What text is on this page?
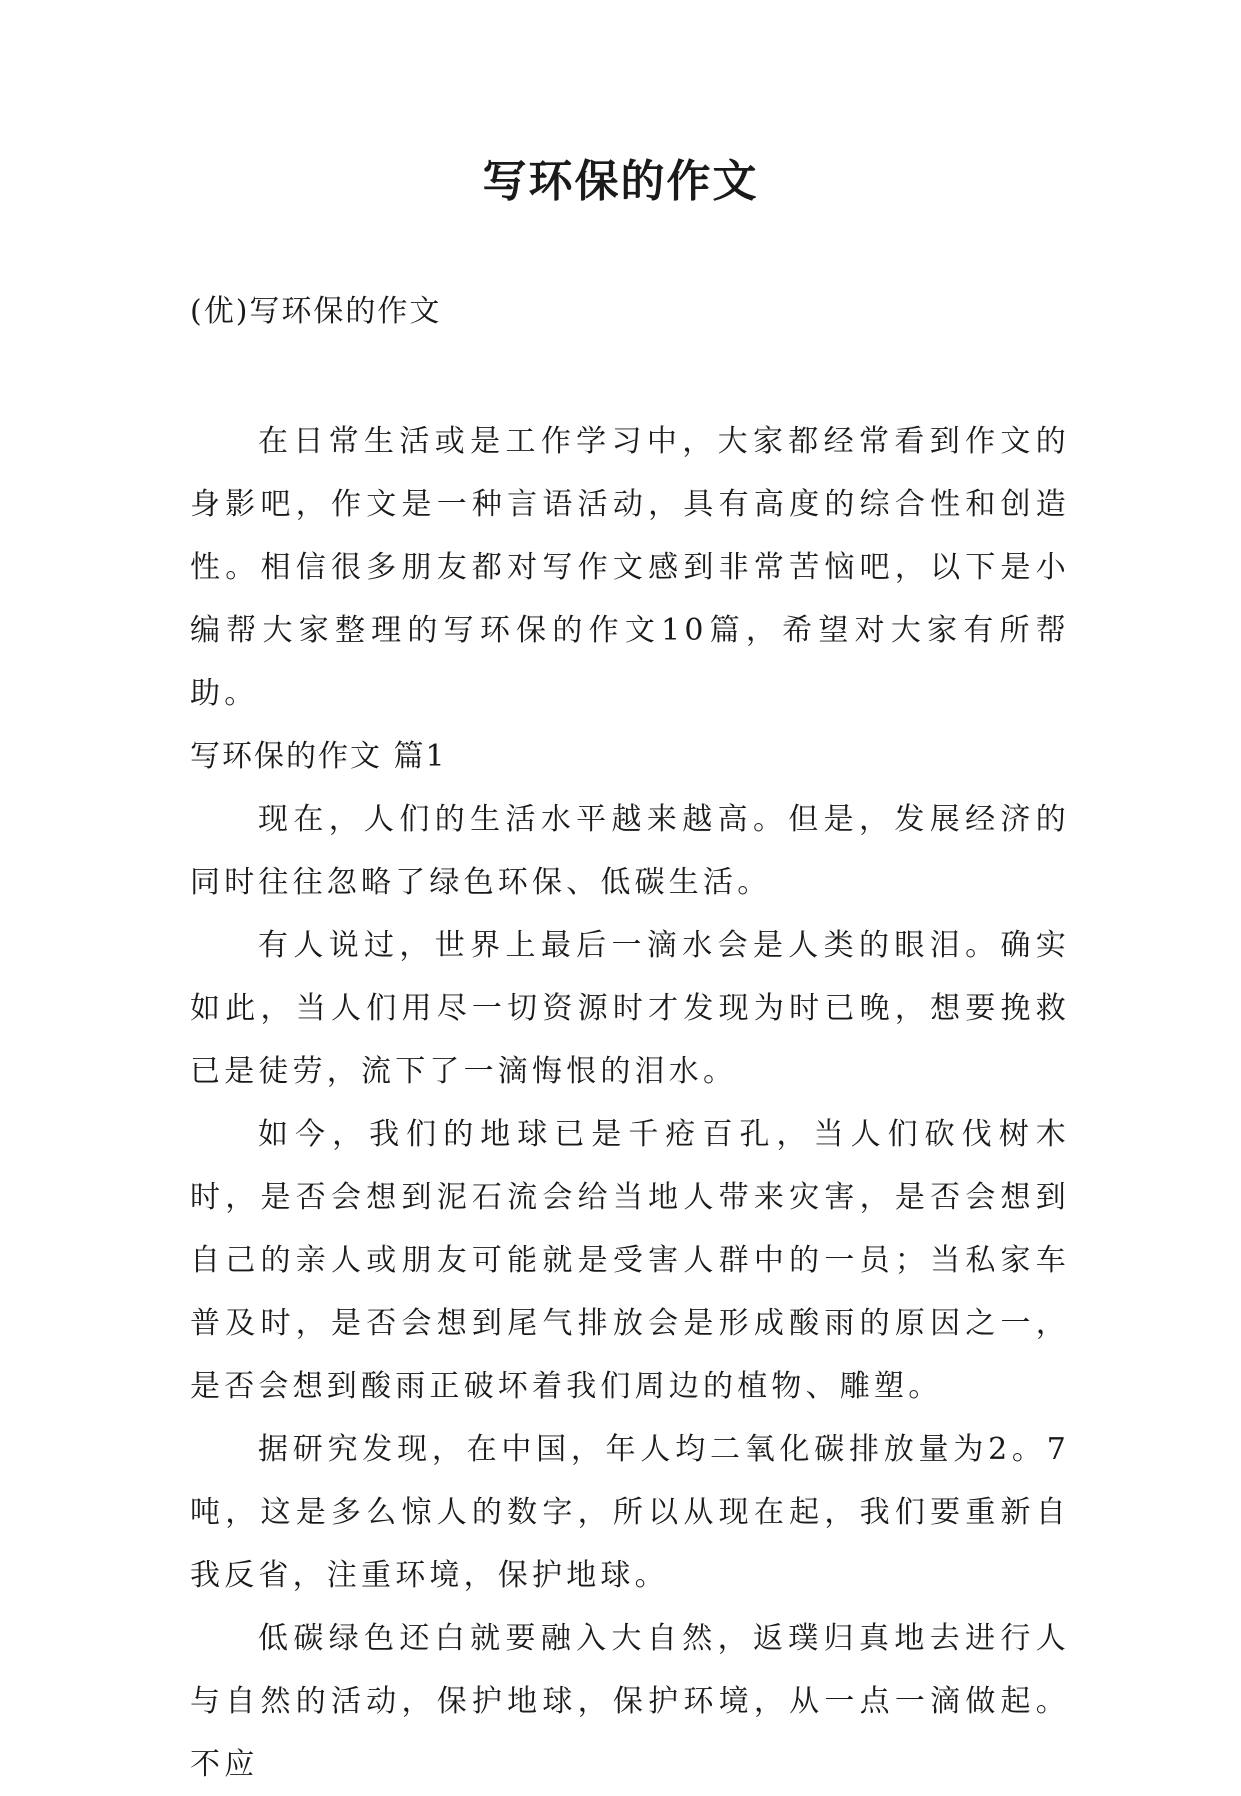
写环保的作文

(优)写环保的作文

在日常生活或是工作学习中，大家都经常看到作文的身影吧，作文是一种言语活动，具有高度的综合性和创造性。相信很多朋友都对写作文感到非常苦恼吧，以下是小编帮大家整理的写环保的作文10篇，希望对大家有所帮助。

写环保的作文 篇1

现在，人们的生活水平越来越高。但是，发展经济的同时往往忽略了绿色环保、低碳生活。

有人说过，世界上最后一滴水会是人类的眼泪。确实如此，当人们用尽一切资源时才发现为时已晚，想要挽救已是徒劳，流下了一滴悔恨的泪水。

如今，我们的地球已是千疮百孔，当人们砍伐树木时，是否会想到泥石流会给当地人带来灾害，是否会想到自己的亲人或朋友可能就是受害人群中的一员；当私家车普及时，是否会想到尾气排放会是形成酸雨的原因之一，是否会想到酸雨正破坏着我们周边的植物、雕塑。

据研究发现，在中国，年人均二氧化碳排放量为2。7吨，这是多么惊人的数字，所以从现在起，我们要重新自我反省，注重环境，保护地球。

低碳绿色还白就要融入大自然，返璞归真地去进行人与自然的活动，保护地球，保护环境，从一点一滴做起。不应
